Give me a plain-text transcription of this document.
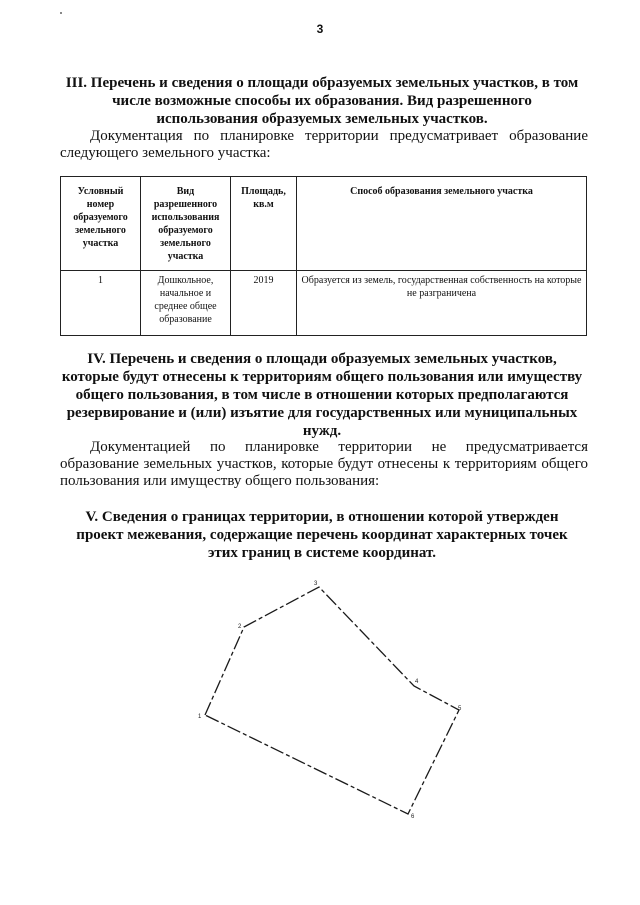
3
III. Перечень и сведения о площади образуемых земельных участков, в том
числе возможные способы их образования. Вид разрешенного
использования образуемых земельных участков.
Документация по планировке территории предусматривает образование следующего земельного участка:
Условный номер образуемого земельного участка	Вид разрешенного использования образуемого земельного участка	Площадь, кв.м	Способ образования земельного участка
1	Дошкольное, начальное и среднее общее образование	2019	Образуется из земель, государственная собственность на которые не разграничена
IV. Перечень и сведения о площади образуемых земельных участков,
которые будут отнесены к территориям общего пользования или имуществу
общего пользования, в том числе в отношении которых предполагаются
резервирование и (или) изъятие для государственных или муниципальных
нужд.
Документацией по планировке территории не предусматривается образование земельных участков, которые будут отнесены к территориям общего пользования или имуществу общего пользования:
V. Сведения о границах территории, в отношении которой утвержден
проект межевания, содержащие перечень координат характерных точек
этих границ в системе координат.
1
2
3
4
5
6
